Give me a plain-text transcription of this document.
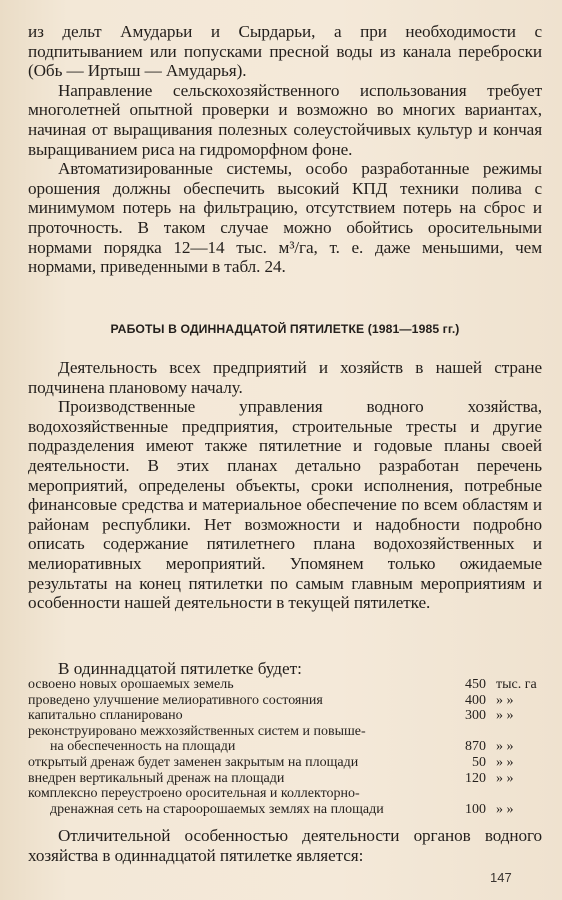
из дельт Амударьи и Сырдарьи, а при необходимости с подпитыванием или попусками пресной воды из канала переброски (Обь — Иртыш — Амударья).

Направление сельскохозяйственного использования требует многолетней опытной проверки и возможно во многих вариантах, начиная от выращивания полезных солеустойчивых культур и кончая выращиванием риса на гидроморфном фоне.

Автоматизированные системы, особо разработанные режимы орошения должны обеспечить высокий КПД техники полива с минимумом потерь на фильтрацию, отсутствием потерь на сброс и проточность. В таком случае можно обойтись оросительными нормами порядка 12—14 тыс. м³/га, т. е. даже меньшими, чем нормами, приведенными в табл. 24.

РАБОТЫ В ОДИННАДЦАТОЙ ПЯТИЛЕТКЕ (1981—1985 гг.)

Деятельность всех предприятий и хозяйств в нашей стране подчинена плановому началу.

Производственные управления водного хозяйства, водохозяйственные предприятия, строительные тресты и другие подразделения имеют также пятилетние и годовые планы своей деятельности. В этих планах детально разработан перечень мероприятий, определены объекты, сроки исполнения, потребные финансовые средства и материальное обеспечение по всем областям и районам республики. Нет возможности и надобности подробно описать содержание пятилетнего плана водохозяйственных и мелиоративных мероприятий. Упомянем только ожидаемые результаты на конец пятилетки по самым главным мероприятиям и особенности нашей деятельности в текущей пятилетке.

В одиннадцатой пятилетке будет:
освоено новых орошаемых земель	450 тыс. га
проведено улучшение мелиоративного состояния	400 » »
капитально спланировано	300 » »
реконструировано межхозяйственных систем и повыше-
на обеспеченность на площади	870 » »
открытый дренаж будет заменен закрытым на площади	50 » »
внедрен вертикальный дренаж на площади	120 » »
комплексно переустроено оросительная и коллекторно-
дренажная сеть на староорошаемых землях на площади	100 » »

Отличительной особенностью деятельности органов водного хозяйства в одиннадцатой пятилетке является:

147
